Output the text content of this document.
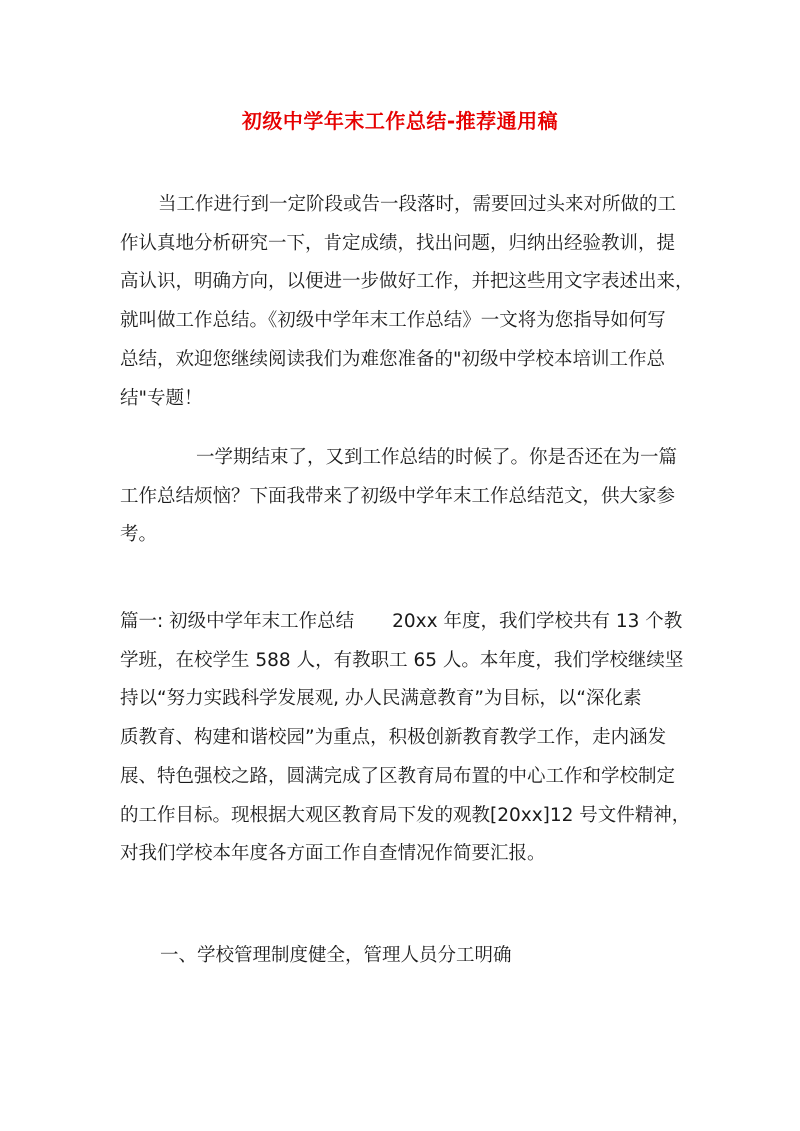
初级中学年末工作总结-推荐通用稿
当工作进行到一定阶段或告一段落时，需要回过头来对所做的工
作认真地分析研究一下，肯定成绩，找出问题，归纳出经验教训，提
高认识，明确方向，以便进一步做好工作，并把这些用文字表述出来，
就叫做工作总结。《初级中学年末工作总结》一文将为您指导如何写
总结，欢迎您继续阅读我们为难您准备的"初级中学校本培训工作总
结"专题！
一学期结束了，又到工作总结的时候了。你是否还在为一篇
工作总结烦恼？下面我带来了初级中学年末工作总结范文，供大家参
考。
篇一: 初级中学年末工作总结 20xx 年度，我们学校共有 13 个教
学班，在校学生 588 人，有教职工 65 人。本年度，我们学校继续坚
持以“努力实践科学发展观, 办人民满意教育”为目标，以“深化素
质教育、构建和谐校园”为重点，积极创新教育教学工作，走内涵发
展、特色强校之路，圆满完成了区教育局布置的中心工作和学校制定
的工作目标。现根据大观区教育局下发的观教[20xx]12 号文件精神，
对我们学校本年度各方面工作自查情况作简要汇报。
一、学校管理制度健全，管理人员分工明确
